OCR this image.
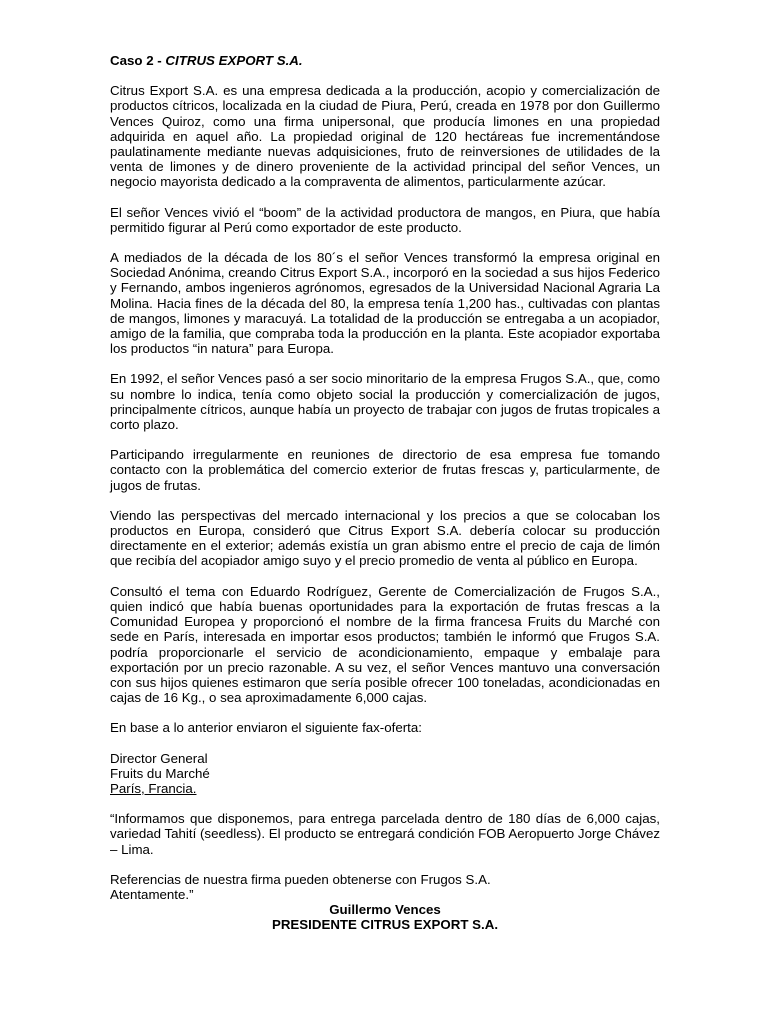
Caso 2 - CITRUS EXPORT S.A.

Citrus Export S.A. es una empresa dedicada a la producción, acopio y comercialización de productos cítricos, localizada en la ciudad de Piura, Perú, creada en 1978 por don Guillermo Vences Quiroz, como una firma unipersonal, que producía limones en una propiedad adquirida en aquel año. La propiedad original de 120 hectáreas fue incrementándose paulatinamente mediante nuevas adquisiciones, fruto de reinversiones de utilidades de la venta de limones y de dinero proveniente de la actividad principal del señor Vences, un negocio mayorista dedicado a la compraventa de alimentos, particularmente azúcar.

El señor Vences vivió el “boom” de la actividad productora de mangos, en Piura, que había permitido figurar al Perú como exportador de este producto.

A mediados de la década de los 80´s el señor Vences transformó la empresa original en Sociedad Anónima, creando Citrus Export S.A., incorporó en la sociedad a sus hijos Federico y Fernando, ambos ingenieros agrónomos, egresados de la Universidad Nacional Agraria La Molina. Hacia fines de la década del 80, la empresa tenía 1,200 has., cultivadas con plantas de mangos, limones y maracuyá. La totalidad de la producción se entregaba a un acopiador, amigo de la familia, que compraba toda la producción en la planta. Este acopiador exportaba los productos “in natura” para Europa.

En 1992, el señor Vences pasó a ser socio minoritario de la empresa Frugos S.A., que, como su nombre lo indica, tenía como objeto social la producción y comercialización de jugos, principalmente cítricos, aunque había un proyecto de trabajar con jugos de frutas tropicales a corto plazo.

Participando irregularmente en reuniones de directorio de esa empresa fue tomando contacto con la problemática del comercio exterior de frutas frescas y, particularmente, de jugos de frutas.

Viendo las perspectivas del mercado internacional y los precios a que se colocaban los productos en Europa, consideró que Citrus Export S.A. debería colocar su producción directamente en el exterior; además existía un gran abismo entre el precio de caja de limón que recibía del acopiador amigo suyo y el precio promedio de venta al público en Europa.

Consultó el tema con Eduardo Rodríguez, Gerente de Comercialización de Frugos S.A., quien indicó que había buenas oportunidades para la exportación de frutas frescas a la Comunidad Europea y proporcionó el nombre de la firma francesa Fruits du Marché con sede en París, interesada en importar esos productos; también le informó que Frugos S.A. podría proporcionarle el servicio de acondicionamiento, empaque y embalaje para exportación por un precio razonable. A su vez, el señor Vences mantuvo una conversación con sus hijos quienes estimaron que sería posible ofrecer 100 toneladas, acondicionadas en cajas de 16 Kg., o sea aproximadamente 6,000 cajas.

En base a lo anterior enviaron el siguiente fax-oferta:

Director General

Fruits du Marché

París, Francia.

“Informamos que disponemos, para entrega parcelada dentro de 180 días de 6,000 cajas, variedad Tahití (seedless). El producto se entregará condición FOB Aeropuerto Jorge Chávez – Lima.

Referencias de nuestra firma pueden obtenerse con Frugos S.A.

Atentamente.”

Guillermo Vences

PRESIDENTE CITRUS EXPORT S.A.
